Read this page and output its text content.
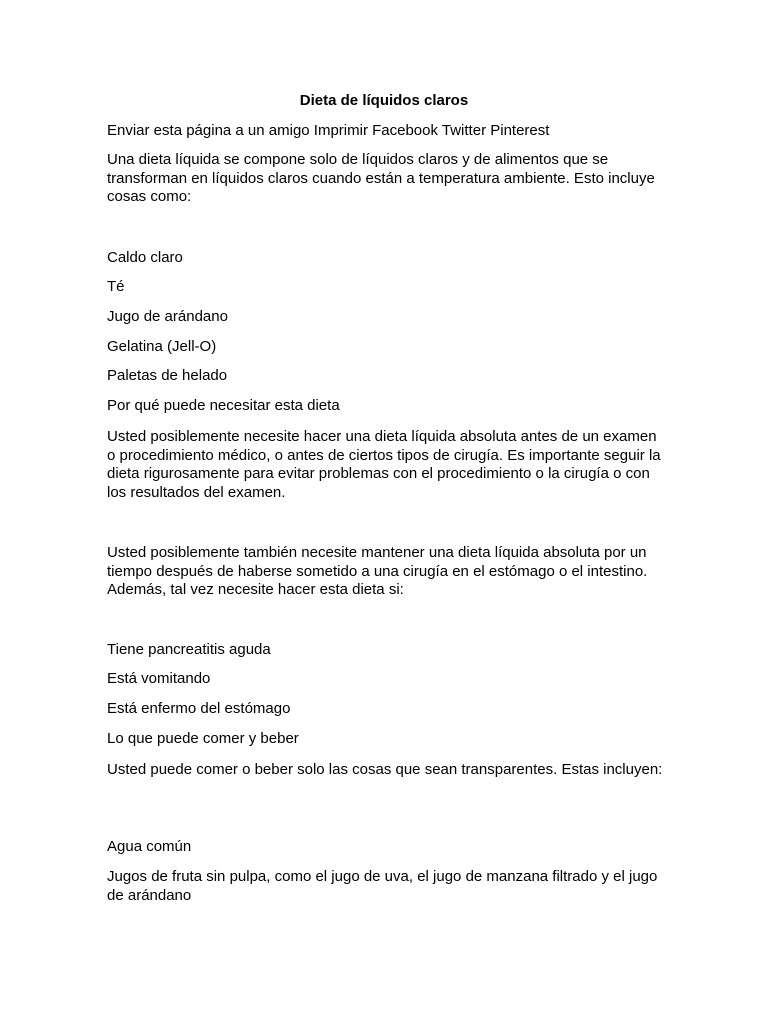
Dieta de líquidos claros

Enviar esta página a un amigo Imprimir Facebook Twitter Pinterest

Una dieta líquida se compone solo de líquidos claros y de alimentos que se transforman en líquidos claros cuando están a temperatura ambiente. Esto incluye cosas como:

Caldo claro

Té

Jugo de arándano

Gelatina (Jell-O)

Paletas de helado

Por qué puede necesitar esta dieta

Usted posiblemente necesite hacer una dieta líquida absoluta antes de un examen o procedimiento médico, o antes de ciertos tipos de cirugía. Es importante seguir la dieta rigurosamente para evitar problemas con el procedimiento o la cirugía o con los resultados del examen.

Usted posiblemente también necesite mantener una dieta líquida absoluta por un tiempo después de haberse sometido a una cirugía en el estómago o el intestino. Además, tal vez necesite hacer esta dieta si:

Tiene pancreatitis aguda

Está vomitando

Está enfermo del estómago

Lo que puede comer y beber

Usted puede comer o beber solo las cosas que sean transparentes. Estas incluyen:

Agua común

Jugos de fruta sin pulpa, como el jugo de uva, el jugo de manzana filtrado y el jugo de arándano
